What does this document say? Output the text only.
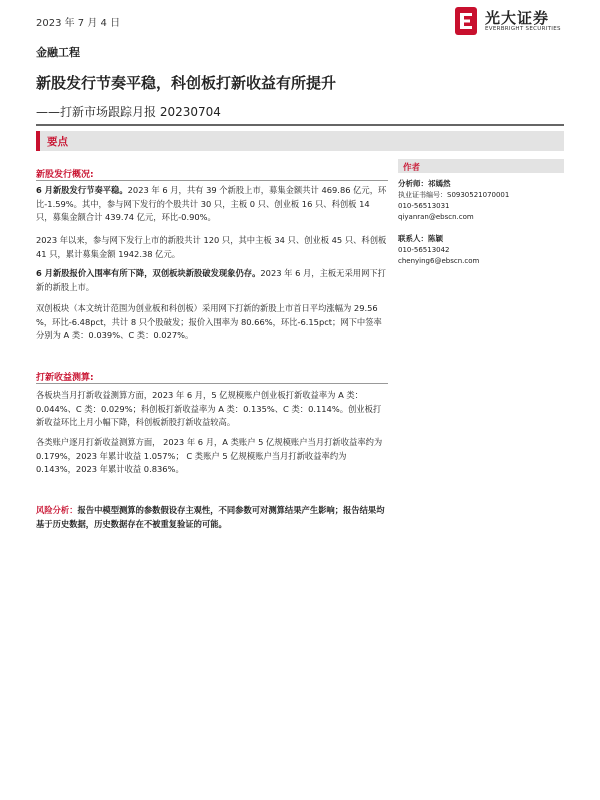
2023 年 7 月 4 日	光大证券
EVERBRIGHT SECURITIES
金融工程
新股发行节奏平稳，科创板打新收益有所提升
——打新市场跟踪月报 20230704
要点
新股发行概况:
6 月新股发行节奏平稳。2023 年 6 月，共有 39 个新股上市，募集金额共计 469.86 亿元，环比-1.59%。其中，参与网下发行的个股共计 30 只，主板 0 只、创业板 16 只、科创板 14 只，募集金额合计 439.74 亿元，环比-0.90%。
2023 年以来，参与网下发行上市的新股共计 120 只，其中主板 34 只、创业板 45 只、科创板 41 只，累计募集金额 1942.38 亿元。
6 月新股报价入围率有所下降，双创板块新股破发现象仍存。2023 年 6 月，主板无采用网下打新的新股上市。
双创板块（本文统计范围为创业板和科创板）采用网下打新的新股上市首日平均涨幅为 29.56 %，环比-6.48pct，共计 8 只个股破发；报价入围率为 80.66%，环比-6.15pct；网下中签率分别为 A 类：0.039%、C 类：0.027%。
打新收益测算:
各板块当月打新收益测算方面，2023 年 6 月，5 亿规模账户创业板打新收益率为 A 类：0.044%、C 类：0.029%；科创板打新收益率为 A 类：0.135%、C 类：0.114%。创业板打新收益环比上月小幅下降，科创板新股打新收益较高。
各类账户逐月打新收益测算方面， 2023 年 6 月，A 类账户 5 亿规模账户当月打新收益率约为 0.179%，2023 年累计收益 1.057%； C 类账户 5 亿规模账户当月打新收益率约为 0.143%，2023 年累计收益 0.836%。
风险分析：报告中模型测算的参数假设存主观性，不同参数可对测算结果产生影响；报告结果均基于历史数据，历史数据存在不被重复验证的可能。
作者
分析师：祁嫣然
执业证书编号：S0930521070001
010-56513031
qiyanran@ebscn.com
联系人：陈颖
010-56513042
chenying6@ebscn.com
